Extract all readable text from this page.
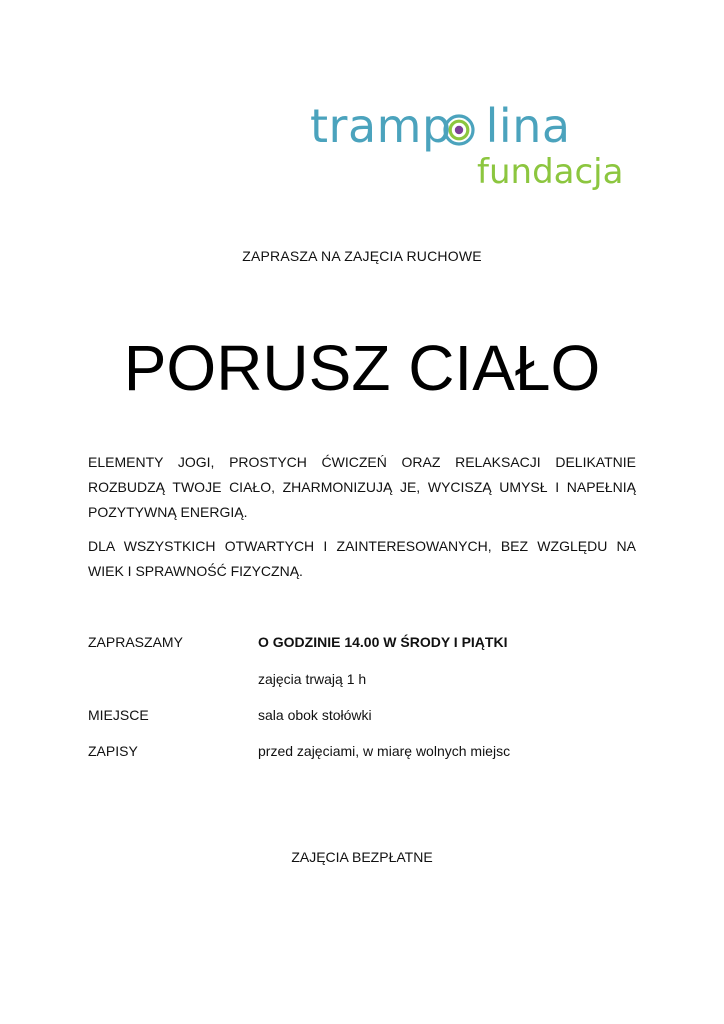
tramp lina
fundacja
ZAPRASZA NA ZAJĘCIA RUCHOWE
PORUSZ CIAŁO

ELEMENTY JOGI, PROSTYCH ĆWICZEŃ ORAZ RELAKSACJI DELIKATNIE ROZBUDZĄ TWOJE CIAŁO, ZHARMONIZUJĄ JE, WYCISZĄ UMYSŁ I NAPEŁNIĄ POZYTYWNĄ ENERGIĄ.

DLA WSZYSTKICH OTWARTYCH I ZAINTERESOWANYCH, BEZ WZGLĘDU NA WIEK I SPRAWNOŚĆ FIZYCZNĄ.

ZAPRASZAMY	O GODZINIE 14.00 W ŚRODY I PIĄTKI

zajęcia trwają 1 h

MIEJSCE	sala obok stołówki

ZAPISY	przed zajęciami, w miarę wolnych miejsc

ZAJĘCIA BEZPŁATNE
